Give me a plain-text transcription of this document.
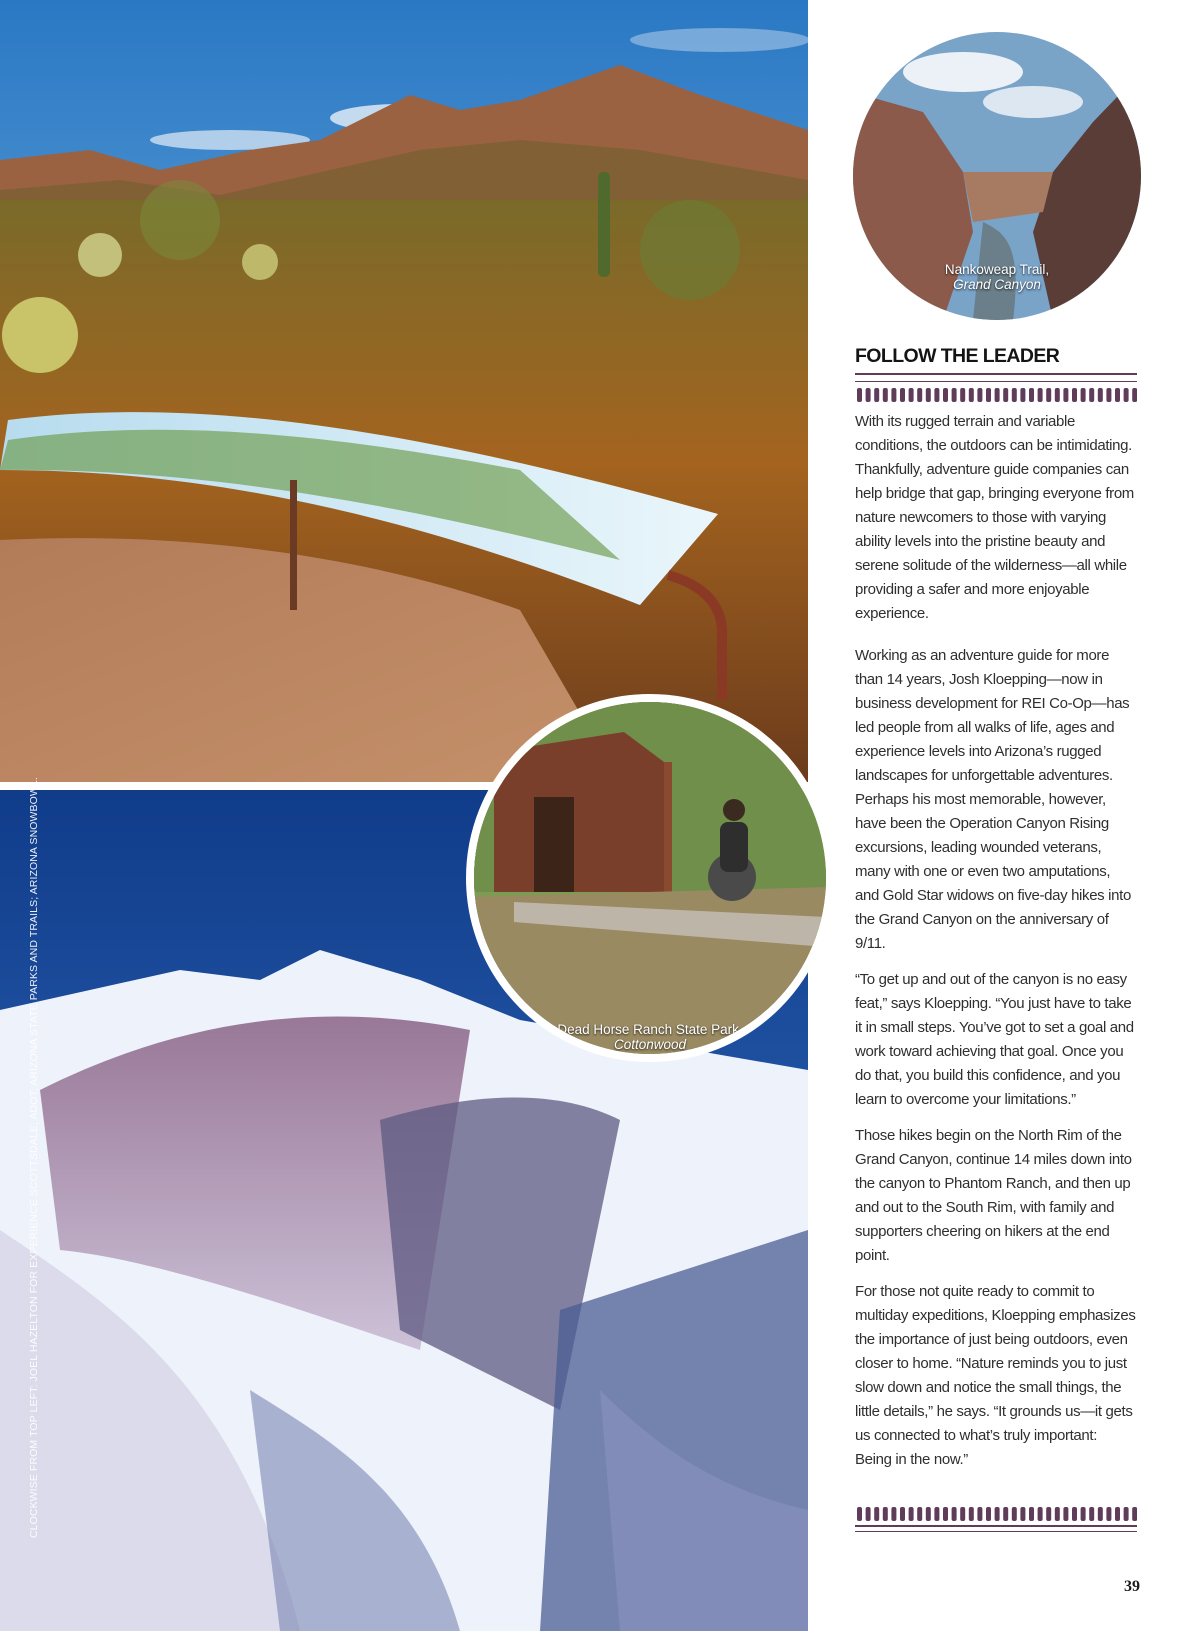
CLOCKWISE FROM TOP LEFT: JOEL HAZELTON FOR EXPERIENCE SCOTTSDALE; ADOT; ARIZONA STATE PARKS AND TRAILS; ARIZONA SNOWBOWL.
Nankoweap Trail,
Grand Canyon
Dead Horse Ranch State Park,
Cottonwood
FOLLOW THE LEADER

With its rugged terrain and variable conditions, the outdoors can be intimidating. Thankfully, adventure guide companies can help bridge that gap, bringing everyone from nature newcomers to those with varying ability levels into the pristine beauty and serene solitude of the wilderness—all while providing a safer and more enjoyable experience.

Working as an adventure guide for more than 14 years, Josh Kloepping—now in business development for REI Co-Op—has led people from all walks of life, ages and experience levels into Arizona’s rugged landscapes for unforgettable adventures. Perhaps his most memorable, however, have been the Operation Canyon Rising excursions, leading wounded veterans, many with one or even two amputations, and Gold Star widows on five-day hikes into the Grand Canyon on the anniversary of 9/11.

“To get up and out of the canyon is no easy feat,” says Kloepping. “You just have to take it in small steps. You’ve got to set a goal and work toward achieving that goal. Once you do that, you build this confidence, and you learn to overcome your limitations.”

Those hikes begin on the North Rim of the Grand Canyon, continue 14 miles down into the canyon to Phantom Ranch, and then up and out to the South Rim, with family and supporters cheering on hikers at the end point.

For those not quite ready to commit to multiday expeditions, Kloepping emphasizes the importance of just being outdoors, even closer to home. “Nature reminds you to just slow down and notice the small things, the little details,” he says. “It grounds us—it gets us connected to what’s truly important: Being in the now.”

39
